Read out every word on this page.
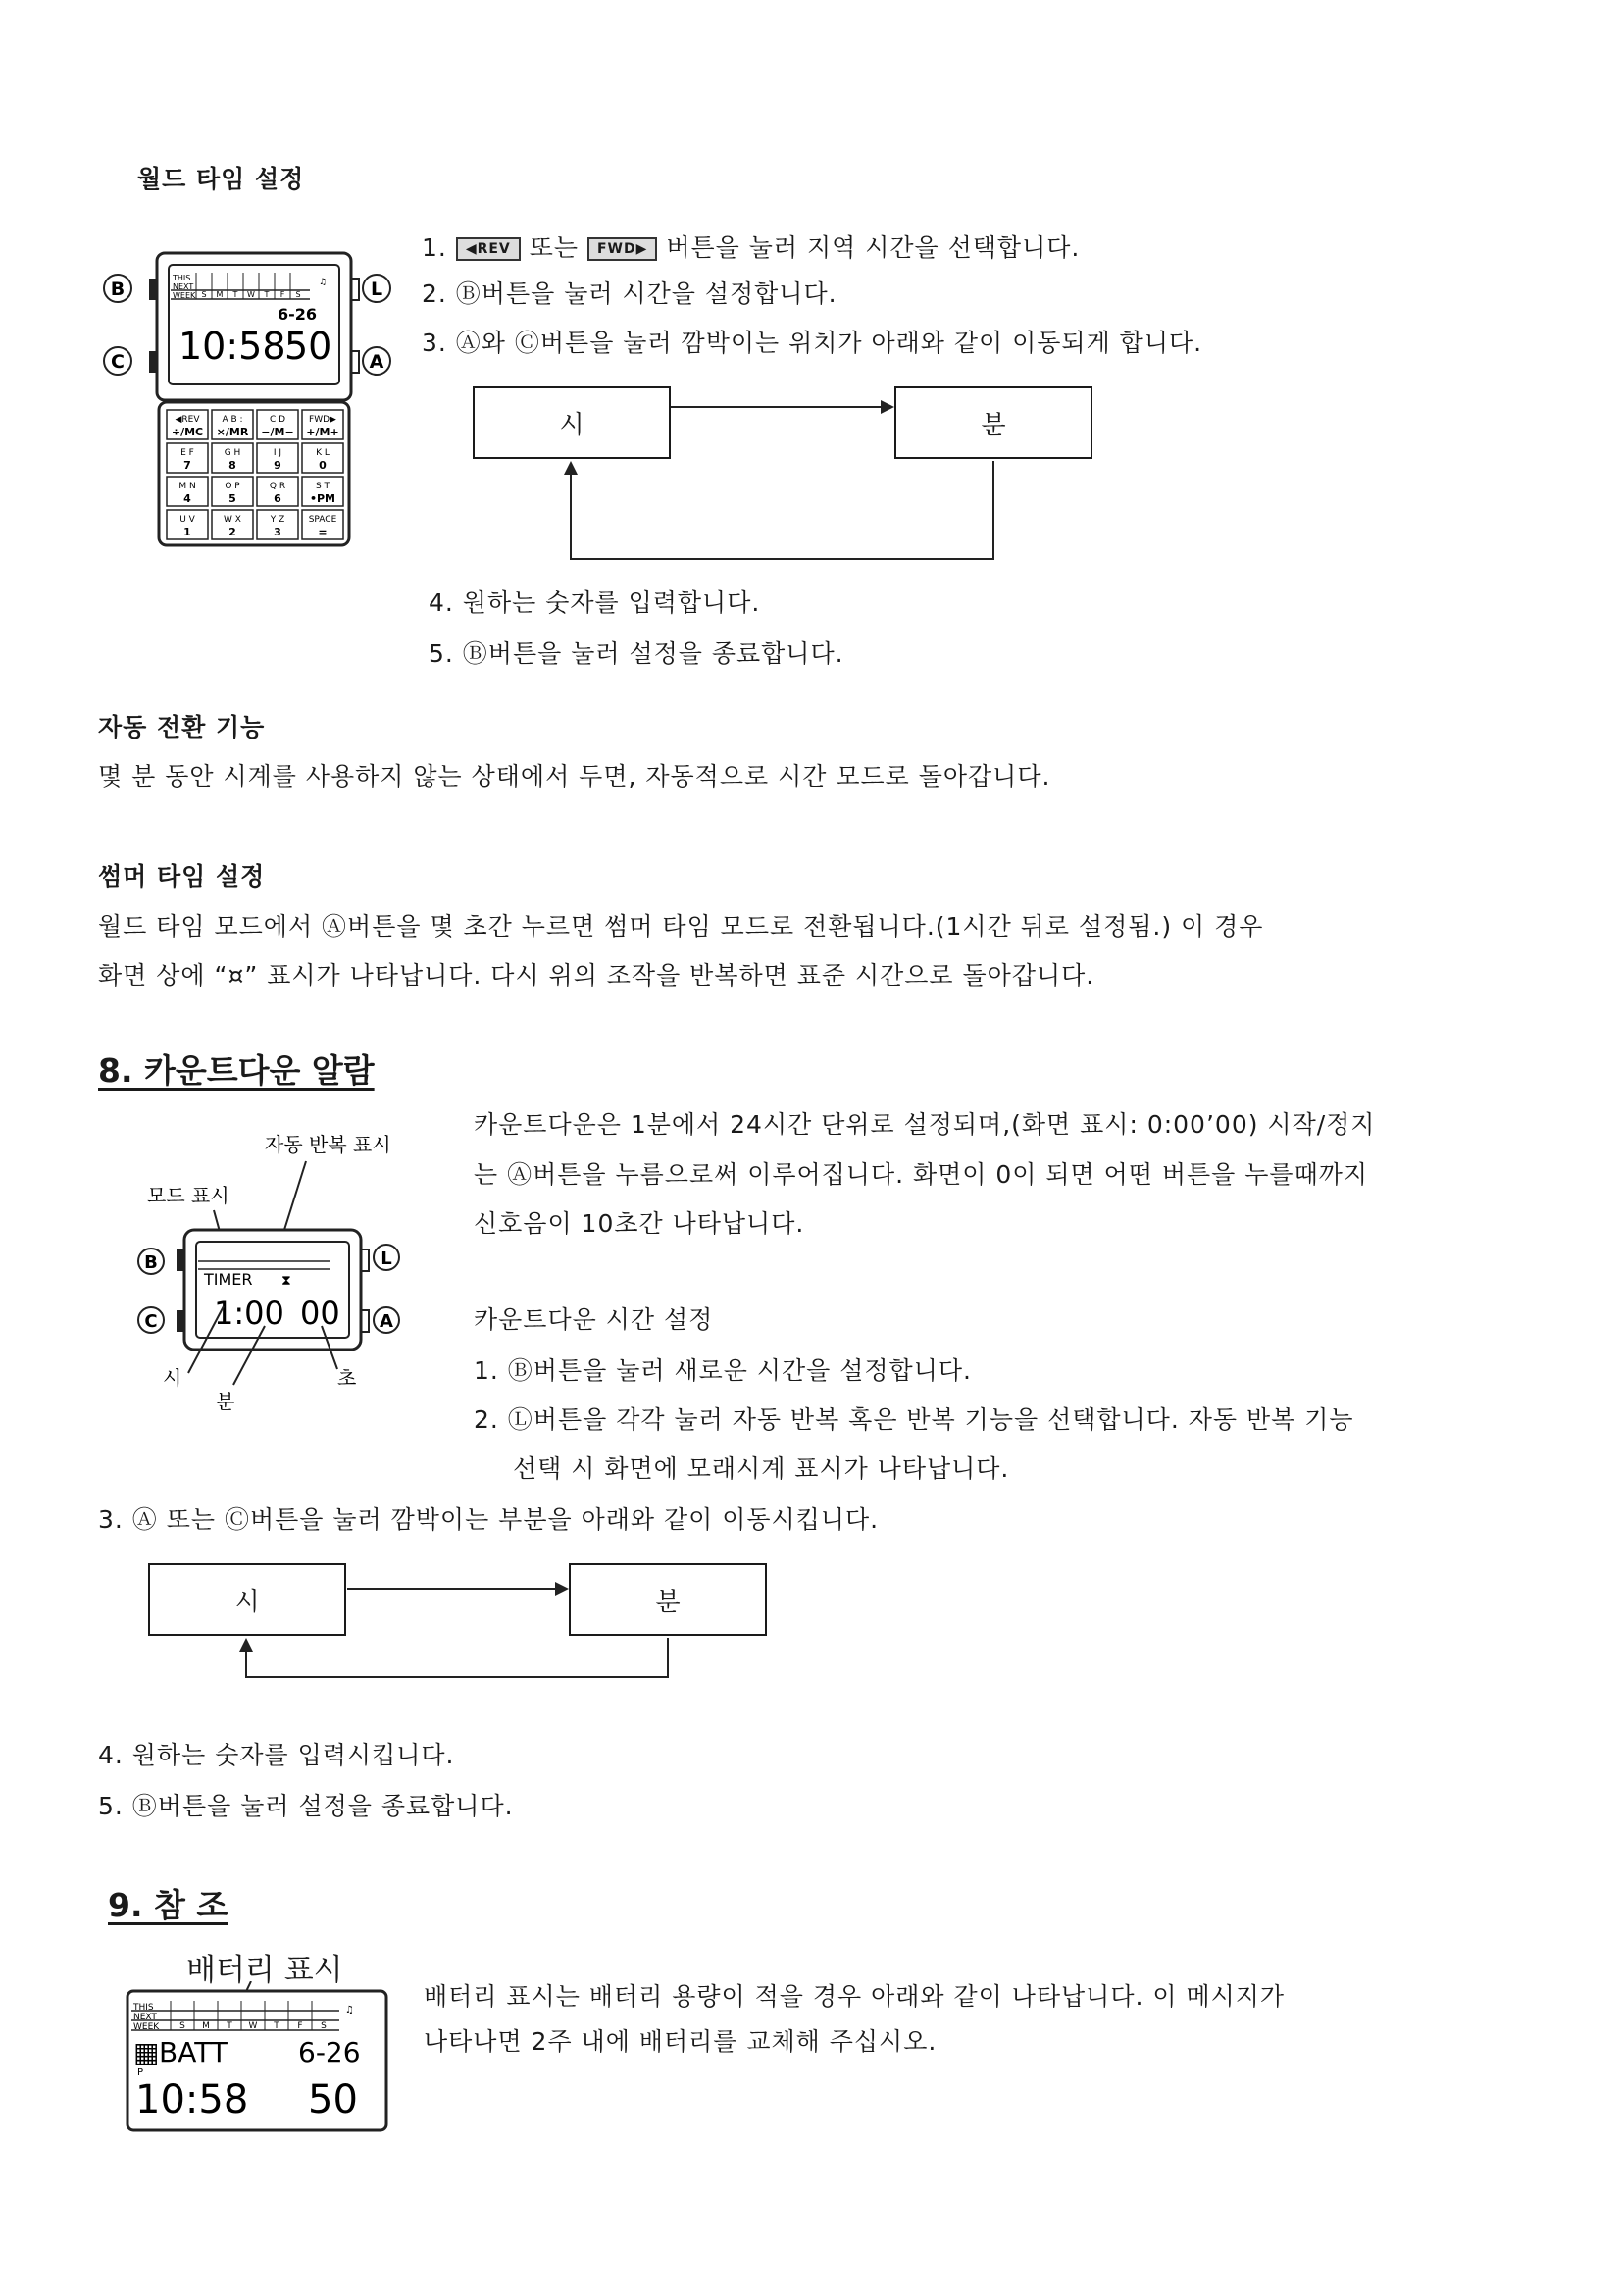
월드 타임 설정
B
C
L
A
THIS
NEXT
WEEK S M T W T F S
♫
6-26
10:58
50
◀REV
÷/MC
A B :
×/MR
C D
−/M−
FWD▶
+/M+
E F
7
G H
8
I J
9
K L
0
M N
4
O P
5
Q R
6
S T
•PM
U V
1
W X
2
Y Z
3
SPACE
=
1. ◀REV 또는 FWD▶ 버튼을 눌러 지역 시간을 선택합니다.
2. Ⓑ버튼을 눌러 시간을 설정합니다.
3. Ⓐ와 Ⓒ버튼을 눌러 깜박이는 위치가 아래와 같이 이동되게 합니다.
시	분
4. 원하는 숫자를 입력합니다.
5. Ⓑ버튼을 눌러 설정을 종료합니다.
자동 전환 기능
몇 분 동안 시계를 사용하지 않는 상태에서 두면, 자동적으로 시간 모드로 돌아갑니다.
썸머 타임 설정
월드 타임 모드에서 Ⓐ버튼을 몇 초간 누르면 썸머 타임 모드로 전환됩니다.(1시간 뒤로 설정됨.) 이 경우
화면 상에 “¤” 표시가 나타납니다. 다시 위의 조작을 반복하면 표준 시간으로 돌아갑니다.
8. 카운트다운 알람
카운트다운은 1분에서 24시간 단위로 설정되며,(화면 표시: 0:00’00) 시작/정지
는 Ⓐ버튼을 누름으로써 이루어집니다. 화면이 0이 되면 어떤 버튼을 누를때까지
신호음이 10초간 나타납니다.
자동 반복 표시
모드 표시
B
C
L
A
TIMER ⧗
1:00 00
시
분
초
카운트다운 시간 설정
1. Ⓑ버튼을 눌러 새로운 시간을 설정합니다.
2. Ⓛ버튼을 각각 눌러 자동 반복 혹은 반복 기능을 선택합니다. 자동 반복 기능
선택 시 화면에 모래시계 표시가 나타납니다.
3. Ⓐ 또는 Ⓒ버튼을 눌러 깜박이는 부분을 아래와 같이 이동시킵니다.
시	분
4. 원하는 숫자를 입력시킵니다.
5. Ⓑ버튼을 눌러 설정을 종료합니다.
9. 참 조
배터리 표시
THIS
NEXT
WEEK S M T W T F S
♫
▦ BATT	6-26
P
10:58 50
배터리 표시는 배터리 용량이 적을 경우 아래와 같이 나타납니다. 이 메시지가
나타나면 2주 내에 배터리를 교체해 주십시오.
